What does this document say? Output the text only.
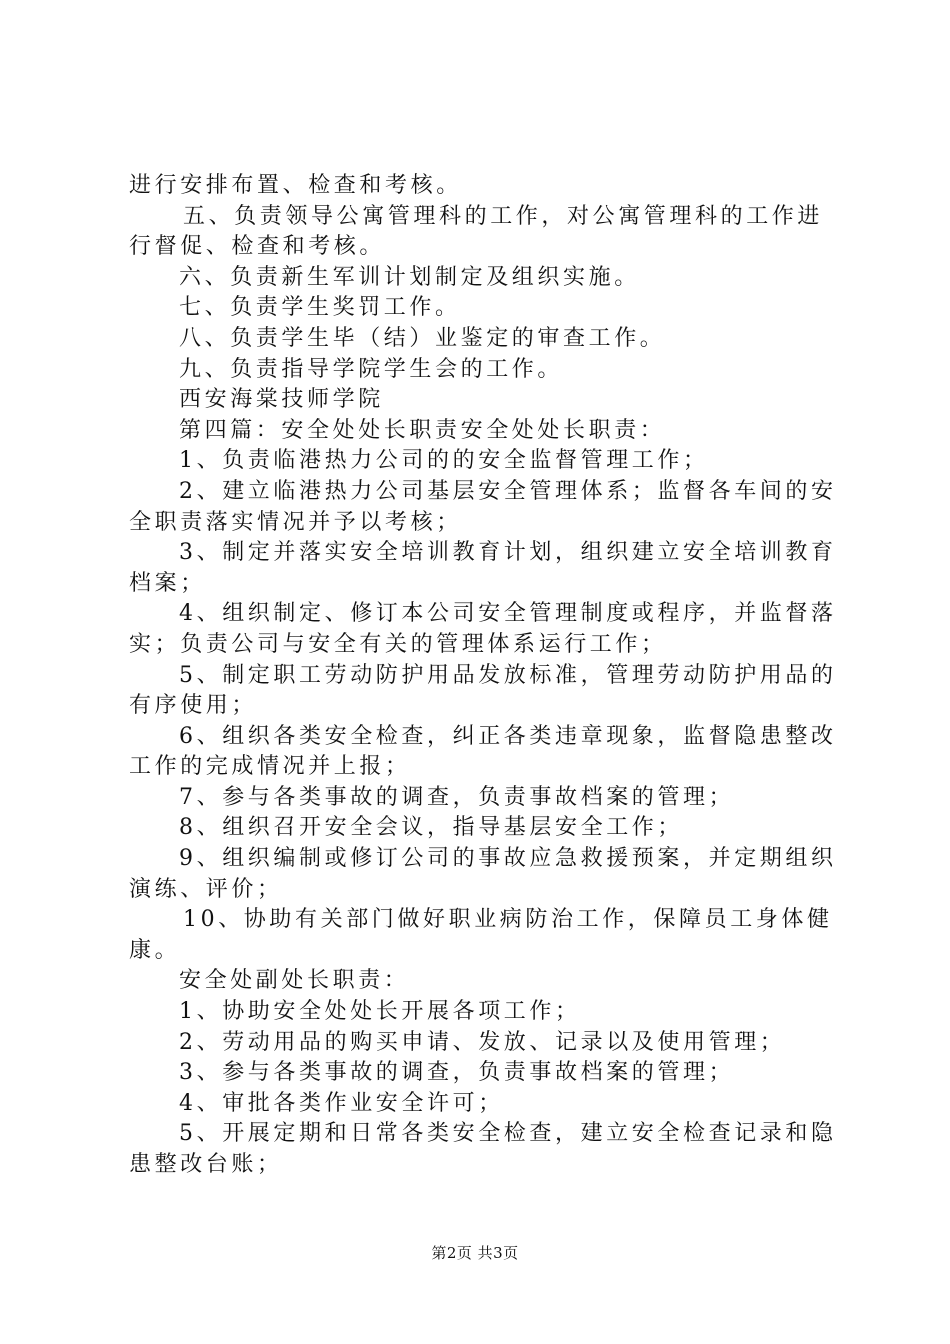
进行安排布置、检查和考核。
五、负责领导公寓管理科的工作，对公寓管理科的工作进
行督促、检查和考核。
六、负责新生军训计划制定及组织实施。
七、负责学生奖罚工作。
八、负责学生毕（结）业鉴定的审查工作。
九、负责指导学院学生会的工作。
西安海棠技师学院
第四篇：安全处处长职责安全处处长职责：
1、负责临港热力公司的的安全监督管理工作；
2、建立临港热力公司基层安全管理体系；监督各车间的安
全职责落实情况并予以考核；
3、制定并落实安全培训教育计划，组织建立安全培训教育
档案；
4、组织制定、修订本公司安全管理制度或程序，并监督落
实；负责公司与安全有关的管理体系运行工作；
5、制定职工劳动防护用品发放标准，管理劳动防护用品的
有序使用；
6、组织各类安全检查，纠正各类违章现象，监督隐患整改
工作的完成情况并上报；
7、参与各类事故的调查，负责事故档案的管理；
8、组织召开安全会议，指导基层安全工作；
9、组织编制或修订公司的事故应急救援预案，并定期组织
演练、评价；
10、协助有关部门做好职业病防治工作，保障员工身体健
康。
安全处副处长职责：
1、协助安全处处长开展各项工作；
2、劳动用品的购买申请、发放、记录以及使用管理；
3、参与各类事故的调查，负责事故档案的管理；
4、审批各类作业安全许可；
5、开展定期和日常各类安全检查，建立安全检查记录和隐
患整改台账；
第2页 共3页
